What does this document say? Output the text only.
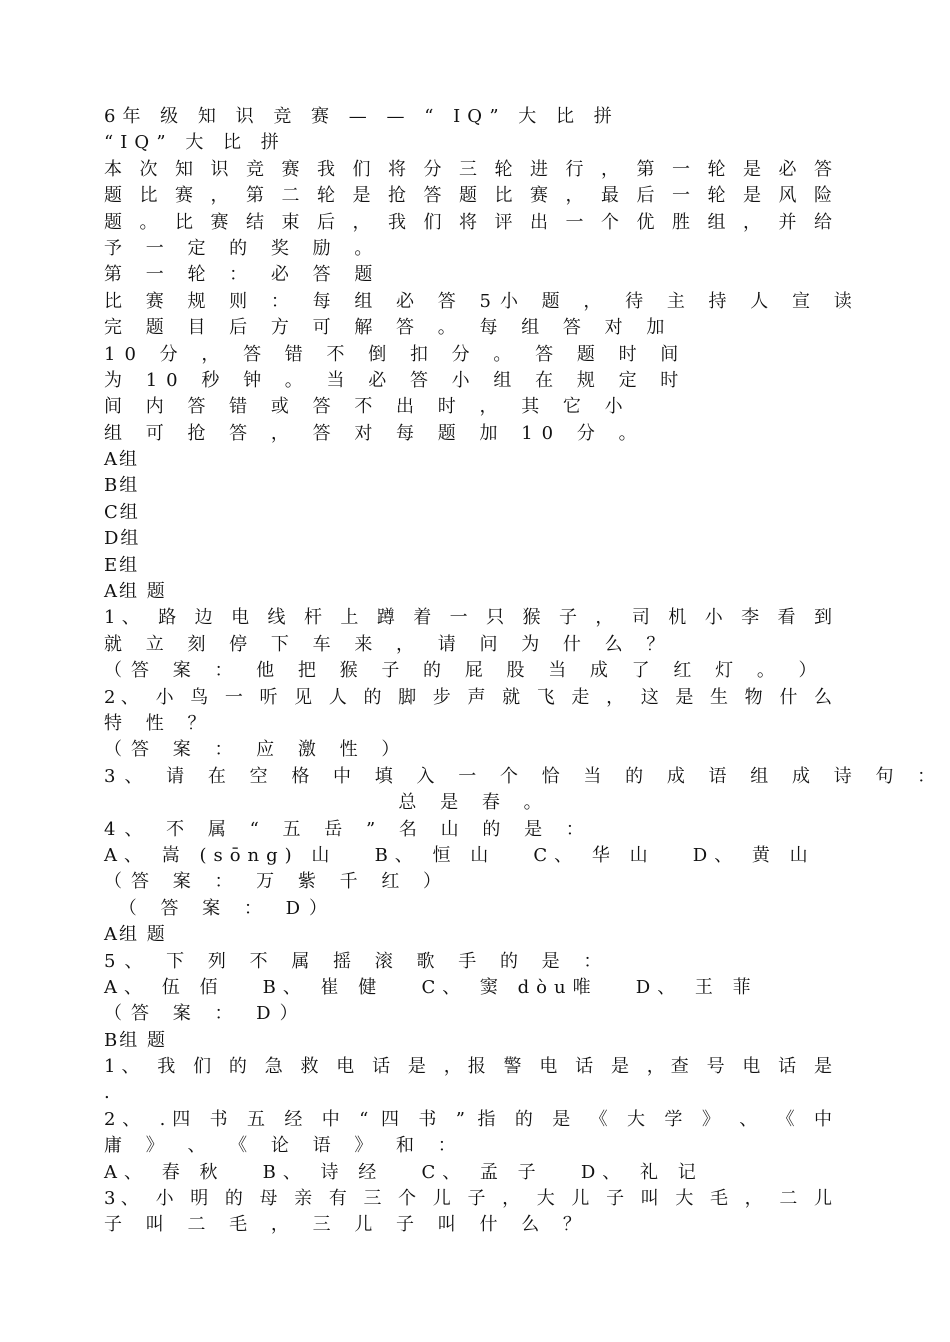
6年 级 知 识 竞 赛 — — “ IQ” 大 比 拼
“IQ” 大 比 拼
本 次 知 识 竞 赛 我 们 将 分 三 轮 进 行 ， 第 一 轮 是 必 答
题 比 赛 ， 第 二 轮 是 抢 答 题 比 赛 ， 最 后 一 轮 是 风 险
题 。 比 赛 结 束 后 ， 我 们 将 评 出 一 个 优 胜 组 ， 并 给
予 一 定 的 奖 励 。
第 一 轮 ： 必 答 题
比 赛 规 则 ： 每 组 必 答 5小 题 ， 待 主 持 人 宣 读
完 题 目 后 方 可 解 答 。 每 组 答 对 加
10 分 ， 答 错 不 倒 扣 分 。 答 题 时 间
为 10 秒 钟 。 当 必 答 小 组 在 规 定 时
间 内 答 错 或 答 不 出 时 ， 其 它 小
组 可 抢 答 ， 答 对 每 题 加 10 分 。
A组
B组
C组
D组
E组
A组 题
1、 路 边 电 线 杆 上 蹲 着 一 只 猴 子 ， 司 机 小 李 看 到
就 立 刻 停 下 车 来 ， 请 问 为 什 么 ？
（答 案 ： 他 把 猴 子 的 屁 股 当 成 了 红 灯 。 ）
2、 小 鸟 一 听 见 人 的 脚 步 声 就 飞 走 ， 这 是 生 物 什 么
特 性 ？
（答 案 ： 应 激 性 ）
3、 请 在 空 格 中 填 入 一 个 恰 当 的 成 语 组 成 诗 句 ：
总 是 春 。
4、 不 属 “ 五 岳 ” 名 山 的 是 ：
A、 嵩 (sōng) 山   B、 恒 山   C、 华 山   D、 黄 山
（答 案 ： 万 紫 千 红 ）
（ 答 案 ： D）
A组 题
5、 下 列 不 属 摇 滚 歌 手 的 是 ：
A、 伍 佰   B、 崔 健   C、 窦 dòu唯   D、 王 菲
（答 案 ： D）
B组 题
1、 我 们 的 急 救 电 话 是 ，报 警 电 话 是 ，查 号 电 话 是
.
2、 .四 书 五 经 中 “ 四 书 ” 指 的 是 《 大 学 》 、 《 中
庸 》 、 《 论 语 》 和 ：
A、 春 秋   B、 诗 经   C、 孟 子   D、 礼 记
3、 小 明 的 母 亲 有 三 个 儿 子 ， 大 儿 子 叫 大 毛 ， 二 儿
子 叫 二 毛 ， 三 儿 子 叫 什 么 ？
